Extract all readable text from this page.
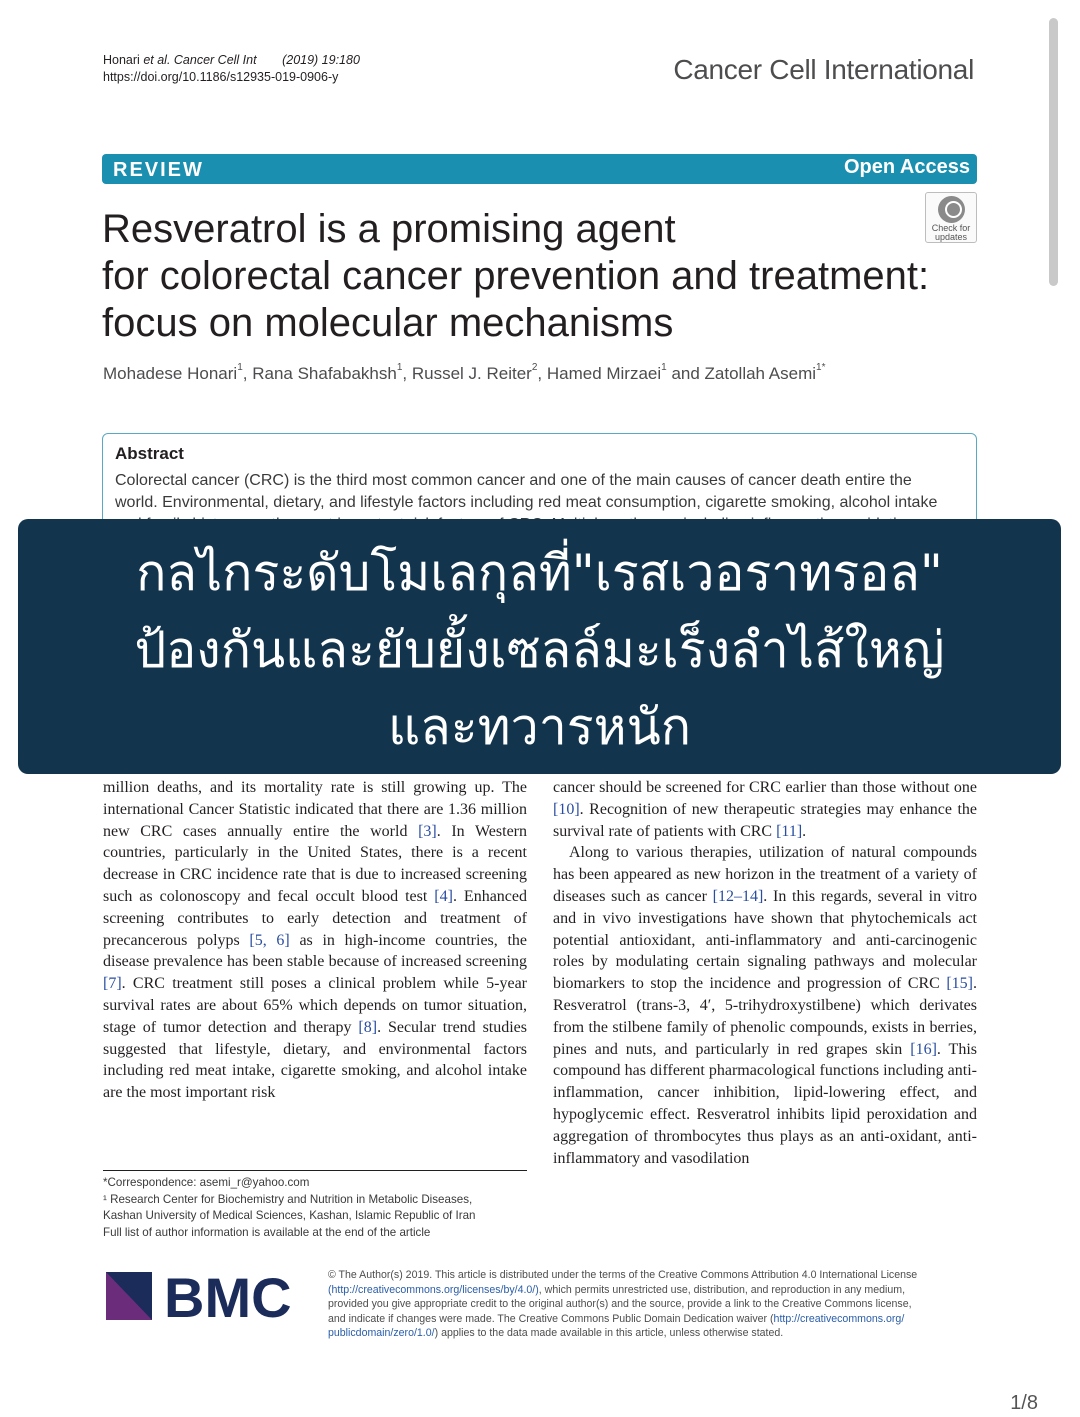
Honari et al. Cancer Cell Int (2019) 19:180
https://doi.org/10.1186/s12935-019-0906-y	Cancer Cell International
REVIEW	Open Access
Check for
updates
Resveratrol is a promising agent
for colorectal cancer prevention and treatment:
focus on molecular mechanisms
Mohadese Honari$^1$, Rana Shafabakhsh$^1$, Russel J. Reiter$^2$, Hamed Mirzaei$^1$ and Zatollah Asemi$^{1*}$
Abstract
Colorectal cancer (CRC) is the third most common cancer and one of the main causes of cancer death entire the
world. Environmental, dietary, and lifestyle factors including red meat consumption, cigarette smoking, alcohol intake

million deaths, and its mortality rate is still growing up. The international Cancer Statistic indicated that there are 1.36 million new CRC cases annually entire the world [3]. In Western countries, particularly in the United States, there is a recent decrease in CRC incidence rate that is due to increased screening such as colonoscopy and fecal occult blood test [4]. Enhanced screening contributes to early detection and treatment of precancerous polyps [5, 6] as in high-income countries, the disease prevalence has been stable because of increased screening [7]. CRC treatment still poses a clinical problem while 5-year survival rates are about 65% which depends on tumor situation, stage of tumor detection and therapy [8]. Secular trend studies suggested that lifestyle, dietary, and environmental factors including red meat intake, cigarette smoking, and alcohol intake are the most important risk

cancer should be screened for CRC earlier than those without one [10]. Recognition of new therapeutic strategies may enhance the survival rate of patients with CRC [11].

Along to various therapies, utilization of natural compounds has been appeared as new horizon in the treatment of a variety of diseases such as cancer [12–14]. In this regards, several in vitro and in vivo investigations have shown that phytochemicals act potential antioxidant, anti-inflammatory and anti-carcinogenic roles by modulating certain signaling pathways and molecular biomarkers to stop the incidence and progression of CRC [15]. Resveratrol (trans-3, 4′, 5-trihydroxystilbene) which derivates from the stilbene family of phenolic compounds, exists in berries, pines and nuts, and particularly in red grapes skin [16]. This compound has different pharmacological functions including anti-inflammation, cancer inhibition, lipid-lowering effect, and hypoglycemic effect. Resveratrol inhibits lipid peroxidation and aggregation of thrombocytes thus plays as an anti-oxidant, anti-inflammatory and vasodilation

*Correspondence: asemi_r@yahoo.com
¹ Research Center for Biochemistry and Nutrition in Metabolic Diseases,
Kashan University of Medical Sciences, Kashan, Islamic Republic of Iran
Full list of author information is available at the end of the article
BMC	© The Author(s) 2019. This article is distributed under the terms of the Creative Commons Attribution 4.0 International License
(http://creativecommons.org/licenses/by/4.0/), which permits unrestricted use, distribution, and reproduction in any medium,
provided you give appropriate credit to the original author(s) and the source, provide a link to the Creative Commons license,
and indicate if changes were made. The Creative Commons Public Domain Dedication waiver (http://creativecommons.org/
publicdomain/zero/1.0/) applies to the data made available in this article, unless otherwise stated.
1/8
กลไกระดับโมเลกุลที่"เรสเวอราทรอล"
ป้องกันและยับยั้งเซลล์มะเร็งลำไส้ใหญ่
และทวารหนัก
